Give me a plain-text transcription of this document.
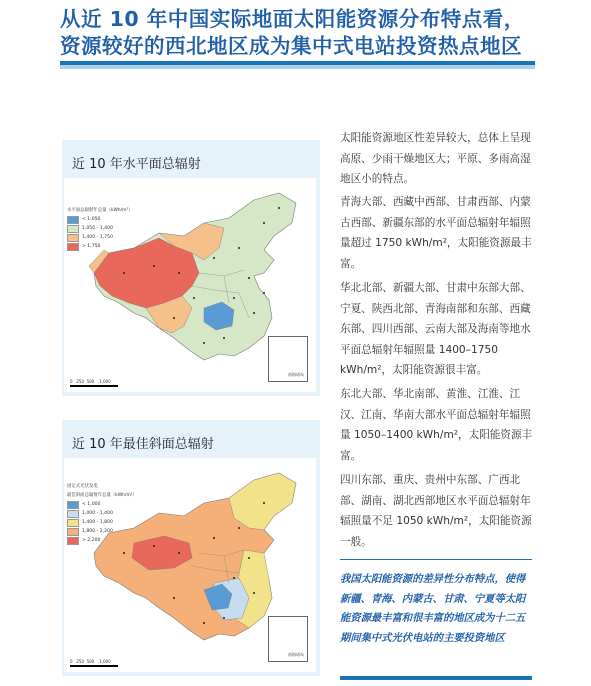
从近 10 年中国实际地面太阳能资源分布特点看，
资源较好的西北地区成为集中式电站投资热点地区
近 10 年水平面总辐射
水平面总辐射年总量（kWh/m²）
< 1,050
1,050 - 1,400
1,400 - 1,750
> 1,750
0 250 500 1,000
南海诸岛
近 10 年最佳斜面总辐射
固定式光伏发电
最佳斜面总辐射年总量（kWh/m²）
< 1,000
1,000 - 1,400
1,400 - 1,800
1,800 - 2,200
> 2,200
0 250 500 1,000
南海诸岛

太阳能资源地区性差异较大，总体上呈现高原、少雨干燥地区大；平原、多雨高湿地区小的特点。

青海大部、西藏中西部、甘肃西部、内蒙古西部、新疆东部的水平面总辐射年辐照量超过 1750 kWh/m²，太阳能资源最丰富。

华北北部、新疆大部、甘肃中东部大部、宁夏、陕西北部、青海南部和东部、西藏东部、四川西部、云南大部及海南等地水平面总辐射年辐照量 1400–1750 kWh/m²，太阳能资源很丰富。

东北大部、华北南部、黄淮、江淮、江汉、江南、华南大部水平面总辐射年辐照量 1050–1400 kWh/m²，太阳能资源丰富。

四川东部、重庆、贵州中东部、广西北部、湖南、湖北西部地区水平面总辐射年辐照量不足 1050 kWh/m²，太阳能资源一般。

我国太阳能资源的差异性分布特点，使得新疆、青海、内蒙古、甘肃、宁夏等太阳能资源最丰富和很丰富的地区成为十二五期间集中式光伏电站的主要投资地区
